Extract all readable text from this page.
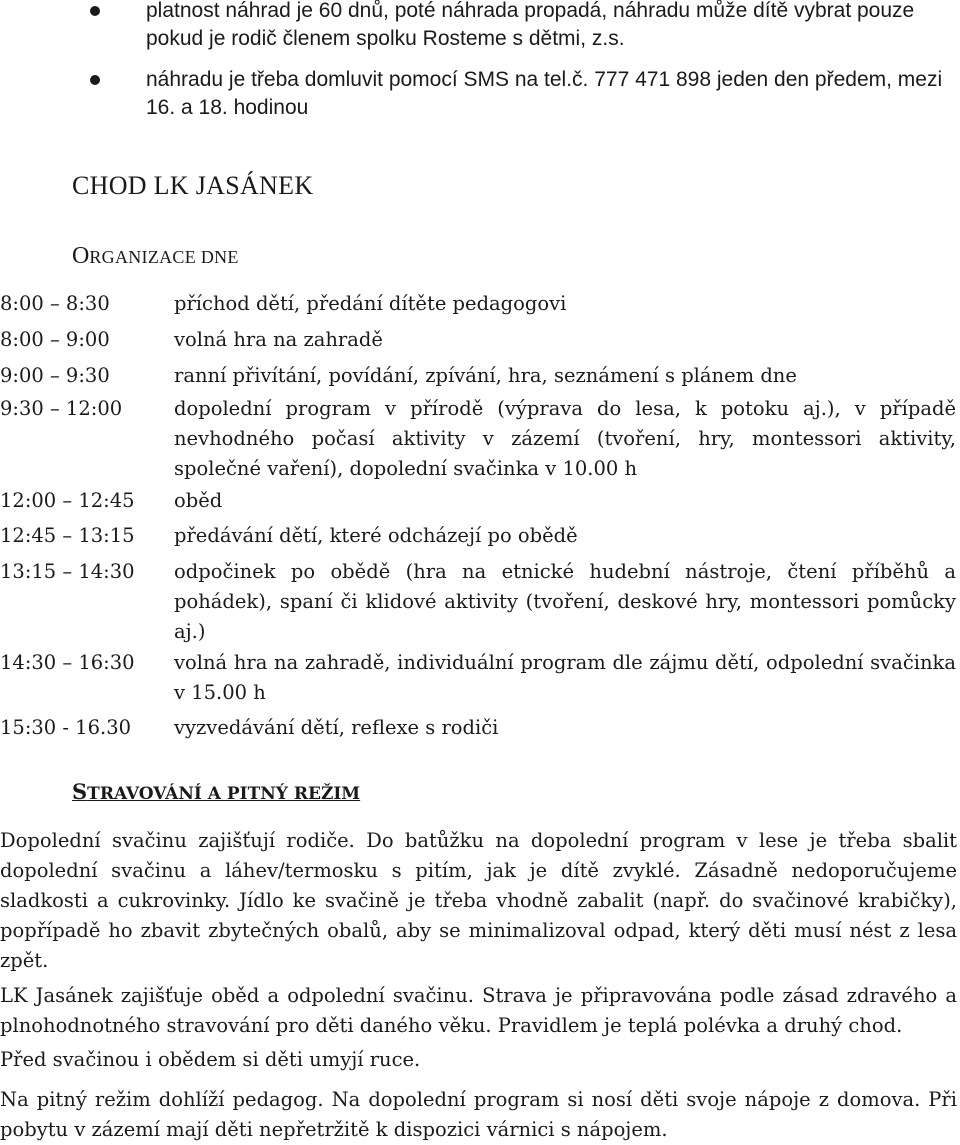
platnost náhrad je 60 dnů, poté náhrada propadá, náhradu může dítě vybrat pouze pokud je rodič členem spolku Rosteme s dětmi, z.s.
náhradu je třeba domluvit pomocí SMS na tel.č. 777 471 898 jeden den předem, mezi 16. a 18. hodinou
CHOD LK JASÁNEK
ORGANIZACE DNE
8:00 – 8:30	příchod dětí, předání dítěte pedagogovi
8:00 – 9:00	volná hra na zahradě
9:00 – 9:30	ranní přivítání, povídání, zpívání, hra, seznámení s plánem dne
9:30 – 12:00	dopolední program v přírodě (výprava do lesa, k potoku aj.), v případě nevhodného počasí aktivity v zázemí (tvoření, hry, montessori aktivity, společné vaření), dopolední svačinka v 10.00 h
12:00 – 12:45	oběd
12:45 – 13:15	předávání dětí, které odcházejí po obědě
13:15 – 14:30	odpočinek po obědě (hra na etnické hudební nástroje, čtení příběhů a pohádek), spaní či klidové aktivity (tvoření, deskové hry, montessori pomůcky aj.)
14:30 – 16:30	volná hra na zahradě, individuální program dle zájmu dětí, odpolední svačinka v 15.00 h
15:30 - 16.30	vyzvedávání dětí, reflexe s rodiči
STRAVOVÁNÍ A PITNÝ REŽIM
Dopolední svačinu zajišťují rodiče. Do batůžku na dopolední program v lese je třeba sbalit dopolední svačinu a láhev/termosku s pitím, jak je dítě zvyklé. Zásadně nedoporučujeme sladkosti a cukrovinky. Jídlo ke svačině je třeba vhodně zabalit (např. do svačinové krabičky), popřípadě ho zbavit zbytečných obalů, aby se minimalizoval odpad, který děti musí nést z lesa zpět.
LK Jasánek zajišťuje oběd a odpolední svačinu. Strava je připravována podle zásad zdravého a plnohodnotného stravování pro děti daného věku. Pravidlem je teplá polévka a druhý chod.
Před svačinou i obědem si děti umyjí ruce.
Na pitný režim dohlíží pedagog. Na dopolední program si nosí děti svoje nápoje z domova. Při pobytu v zázemí mají děti nepřetržitě k dispozici várnici s nápojem.
